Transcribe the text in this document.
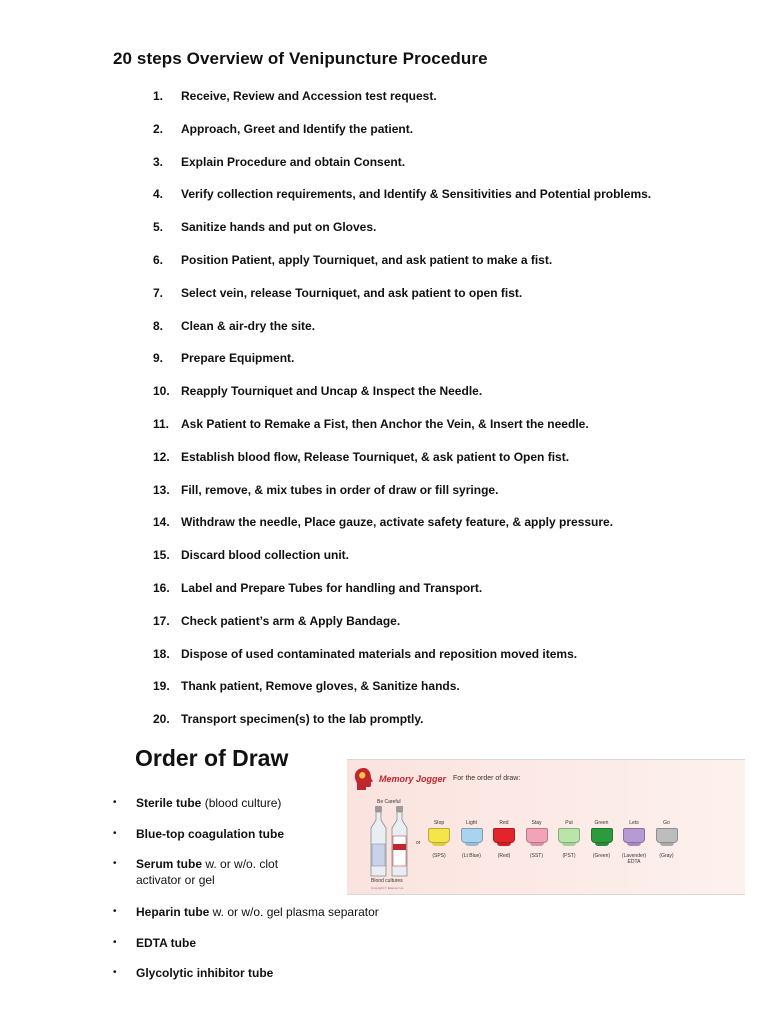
20 steps Overview of Venipuncture Procedure
1.	Receive, Review and Accession test request.
2.	Approach, Greet and Identify the patient.
3.	Explain Procedure and obtain Consent.
4.	Verify collection requirements, and Identify & Sensitivities and Potential problems.
5.	Sanitize hands and put on Gloves.
6.	Position Patient, apply Tourniquet, and ask patient to make a fist.
7.	Select vein, release Tourniquet, and ask patient to open fist.
8.	Clean & air-dry the site.
9.	Prepare Equipment.
10. Reapply Tourniquet and Uncap & Inspect the Needle.
11. Ask Patient to Remake a Fist, then Anchor the Vein, & Insert the needle.
12. Establish blood flow, Release Tourniquet, & ask patient to Open fist.
13. Fill, remove, & mix tubes in order of draw or fill syringe.
14. Withdraw the needle, Place gauze, activate safety feature, & apply pressure.
15. Discard blood collection unit.
16. Label and Prepare Tubes for handling and Transport.
17. Check patient’s arm & Apply Bandage.
18. Dispose of used contaminated materials and reposition moved items.
19. Thank patient, Remove gloves, & Sanitize hands.
20. Transport specimen(s) to the lab promptly.
Order of Draw
• Sterile tube (blood culture)
• Blue-top coagulation tube
• Serum tube w. or w/o. clot
activator or gel
• Heparin tube w. or w/o. gel plasma separator
• EDTA tube
• Glycolytic inhibitor tube
Memory Jogger For the order of draw:
Be Careful
or
Blood cultures
Copyright © Elsevier Inc.
Stop
(SPS)
Light
(Lt Blue)
Red
(Red)
Stay
(SST)
Put
(PST)
Green
(Green)
Lets
(Lavender)
EDTA
Go
(Gray)
